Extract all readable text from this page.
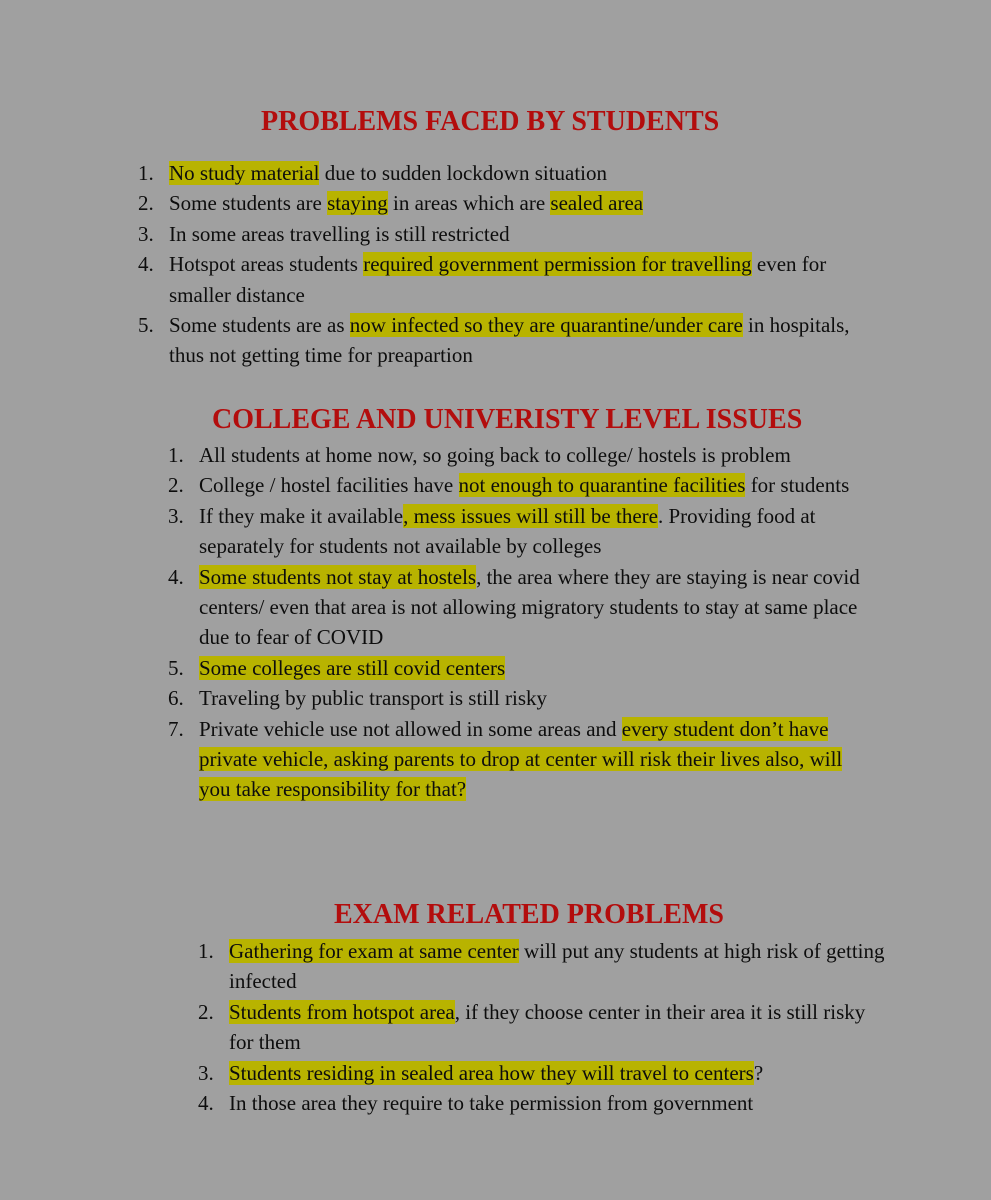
PROBLEMS FACED BY STUDENTS
1. No study material due to sudden lockdown situation
2. Some students are staying in areas which are sealed area
3. In some areas travelling is still restricted
4. Hotspot areas students required government permission for travelling even for smaller distance
5. Some students are as now infected so they are quarantine/under care in hospitals, thus not getting time for preapartion
COLLEGE AND UNIVERISTY LEVEL ISSUES
1. All students at home now, so going back to college/ hostels is problem
2. College / hostel facilities have not enough to quarantine facilities for students
3. If they make it available, mess issues will still be there. Providing food at separately for students not available by colleges
4. Some students not stay at hostels, the area where they are staying is near covid centers/ even that area is not allowing migratory students to stay at same place due to fear of COVID
5. Some colleges are still covid centers
6. Traveling by public transport is still risky
7. Private vehicle use not allowed in some areas and every student don’t have private vehicle, asking parents to drop at center will risk their lives also, will you take responsibility for that?
EXAM RELATED PROBLEMS
1. Gathering for exam at same center will put any students at high risk of getting infected
2. Students from hotspot area, if they choose center in their area it is still risky for them
3. Students residing in sealed area how they will travel to centers?
4. In those area they require to take permission from government
